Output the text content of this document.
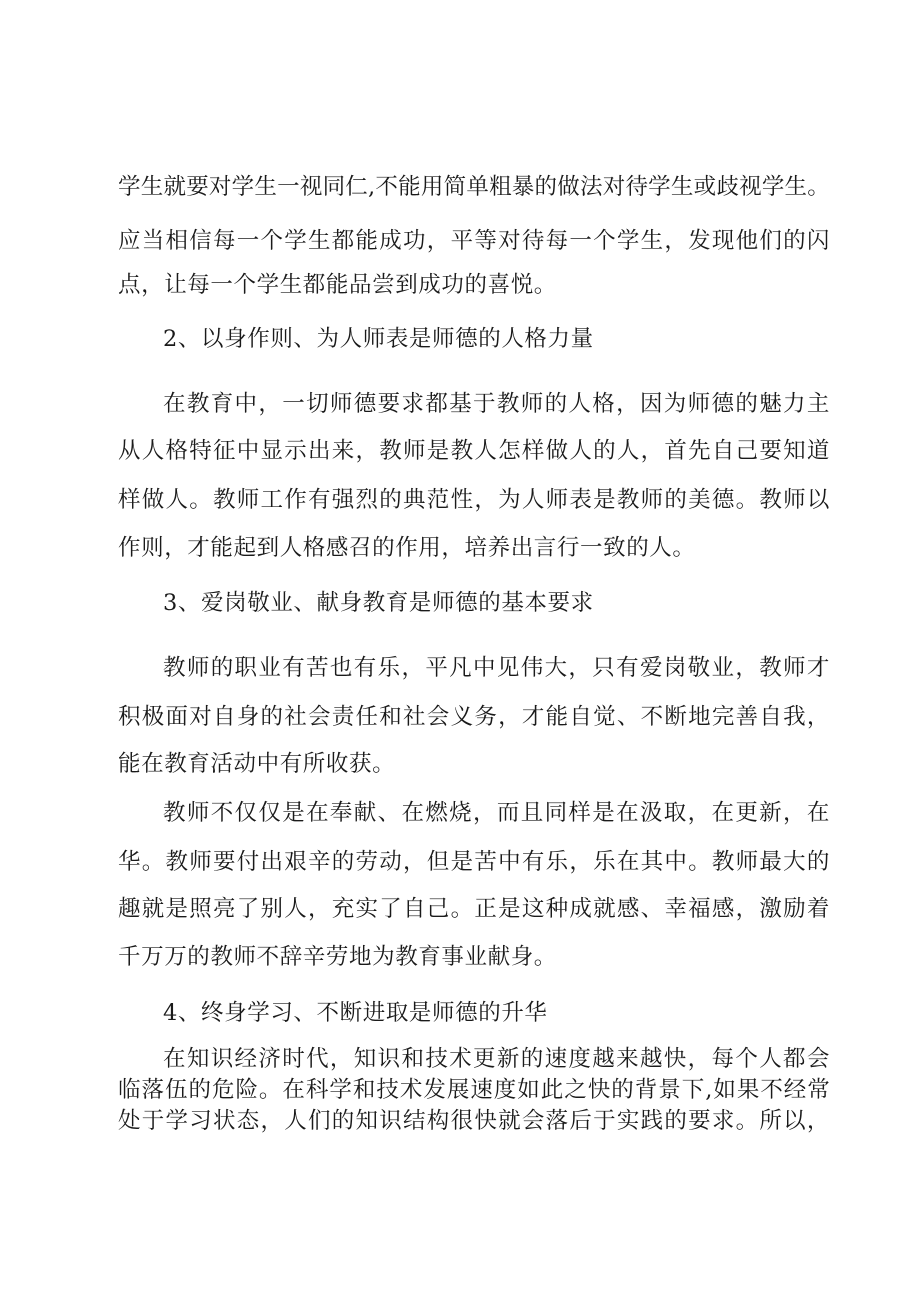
学生就要对学生一视同仁,不能用简单粗暴的做法对待学生或歧视学生。
应当相信每一个学生都能成功，平等对待每一个学生，发现他们的闪
点，让每一个学生都能品尝到成功的喜悦。
2、以身作则、为人师表是师德的人格力量
在教育中，一切师德要求都基于教师的人格，因为师德的魅力主
从人格特征中显示出来，教师是教人怎样做人的人，首先自己要知道
样做人。教师工作有强烈的典范性，为人师表是教师的美德。教师以
作则，才能起到人格感召的作用，培养出言行一致的人。
3、爱岗敬业、献身教育是师德的基本要求
教师的职业有苦也有乐，平凡中见伟大，只有爱岗敬业，教师才
积极面对自身的社会责任和社会义务，才能自觉、不断地完善自我，
能在教育活动中有所收获。
教师不仅仅是在奉献、在燃烧，而且同样是在汲取，在更新，在
华。教师要付出艰辛的劳动，但是苦中有乐，乐在其中。教师最大的
趣就是照亮了别人，充实了自己。正是这种成就感、幸福感，激励着
千万万的教师不辞辛劳地为教育事业献身。
4、终身学习、不断进取是师德的升华
在知识经济时代，知识和技术更新的速度越来越快，每个人都会
临落伍的危险。在科学和技术发展速度如此之快的背景下,如果不经常
处于学习状态，人们的知识结构很快就会落后于实践的要求。所以，
